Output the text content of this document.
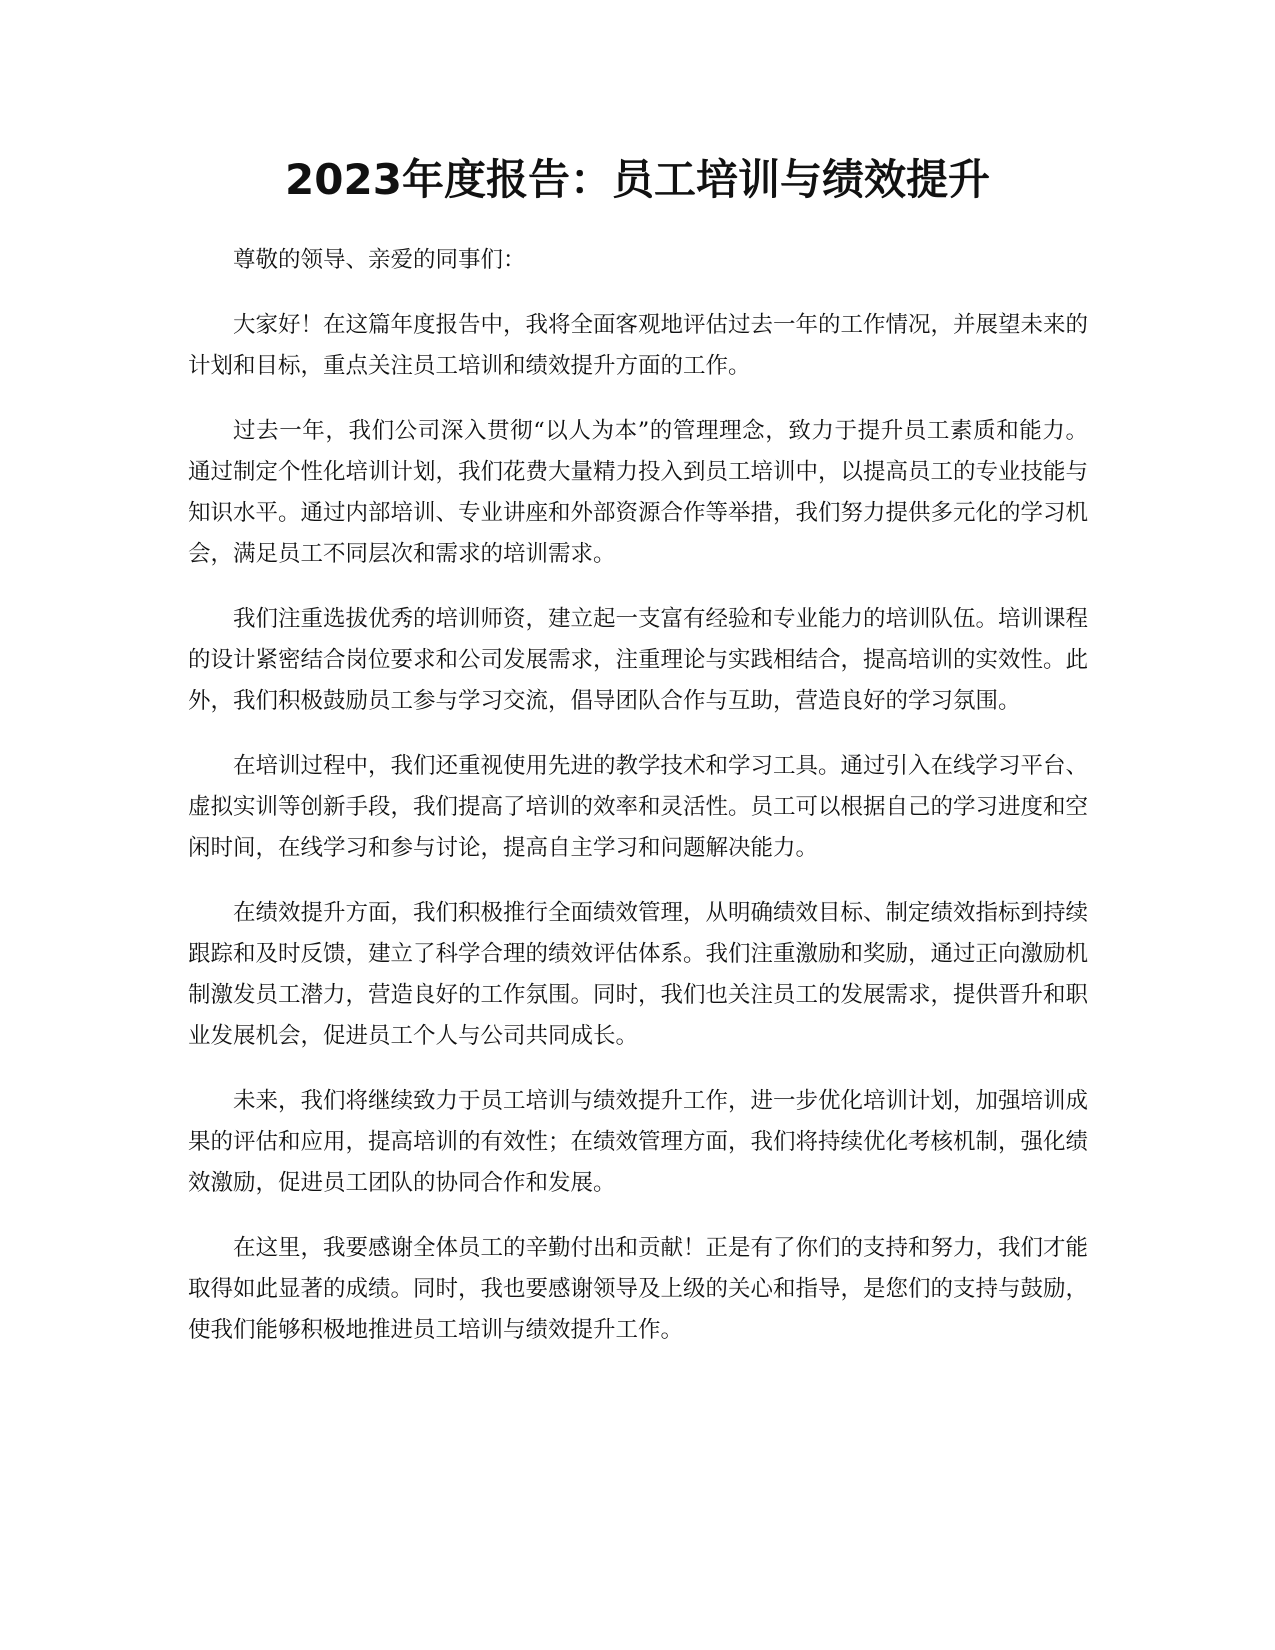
2023年度报告：员工培训与绩效提升

尊敬的领导、亲爱的同事们：

大家好！在这篇年度报告中，我将全面客观地评估过去一年的工作情况，并展望未来的计划和目标，重点关注员工培训和绩效提升方面的工作。

过去一年，我们公司深入贯彻“以人为本”的管理理念，致力于提升员工素质和能力。通过制定个性化培训计划，我们花费大量精力投入到员工培训中，以提高员工的专业技能与知识水平。通过内部培训、专业讲座和外部资源合作等举措，我们努力提供多元化的学习机会，满足员工不同层次和需求的培训需求。

我们注重选拔优秀的培训师资，建立起一支富有经验和专业能力的培训队伍。培训课程的设计紧密结合岗位要求和公司发展需求，注重理论与实践相结合，提高培训的实效性。此外，我们积极鼓励员工参与学习交流，倡导团队合作与互助，营造良好的学习氛围。

在培训过程中，我们还重视使用先进的教学技术和学习工具。通过引入在线学习平台、虚拟实训等创新手段，我们提高了培训的效率和灵活性。员工可以根据自己的学习进度和空闲时间，在线学习和参与讨论，提高自主学习和问题解决能力。

在绩效提升方面，我们积极推行全面绩效管理，从明确绩效目标、制定绩效指标到持续跟踪和及时反馈，建立了科学合理的绩效评估体系。我们注重激励和奖励，通过正向激励机制激发员工潜力，营造良好的工作氛围。同时，我们也关注员工的发展需求，提供晋升和职业发展机会，促进员工个人与公司共同成长。

未来，我们将继续致力于员工培训与绩效提升工作，进一步优化培训计划，加强培训成果的评估和应用，提高培训的有效性；在绩效管理方面，我们将持续优化考核机制，强化绩效激励，促进员工团队的协同合作和发展。

在这里，我要感谢全体员工的辛勤付出和贡献！正是有了你们的支持和努力，我们才能取得如此显著的成绩。同时，我也要感谢领导及上级的关心和指导，是您们的支持与鼓励，使我们能够积极地推进员工培训与绩效提升工作。
